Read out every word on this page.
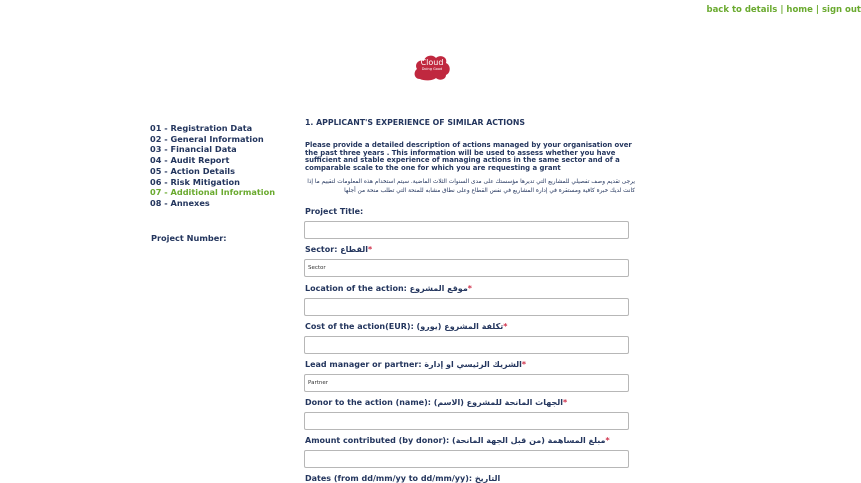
back to details | home | sign out
Cloud
Doing Good
01 - Registration Data
02 - General Information
03 - Financial Data
04 - Audit Report
05 - Action Details
06 - Risk Mitigation
07 - Additional Information
08 - Annexes
Project Number:
1. APPLICANT'S EXPERIENCE OF SIMILAR ACTIONS
Please provide a detailed description of actions managed by your organisation over the past three years . This information will be used to assess whether you have sufficient and stable experience of managing actions in the same sector and of a comparable scale to the one for which you are requesting a grant
يرجى تقديم وصف تفصيلي للمشاريع التي تديرها مؤسستك على مدى السنوات الثلاث الماضية. سيتم استخدام هذه المعلومات لتقييم ما إذا كانت لديك خبرة كافية ومستقرة في إدارة المشاريع في نفس القطاع وعلى نطاق مشابه للمنحة التي تطلب منحة من أجلها
Project Title:
Sector: القطاع*
Sector
Location of the action: موقع المشروع*
Cost of the action(EUR): تكلفة المشروع (يورو)*
Lead manager or partner: الشريك الرئيسي او إدارة*
Partner
Donor to the action (name): الجهات المانحة للمشروع (الاسم)*
Amount contributed (by donor): مبلغ المساهمة (من قبل الجهة المانحة)*
Dates (from dd/mm/yy to dd/mm/yy): التاريخ
